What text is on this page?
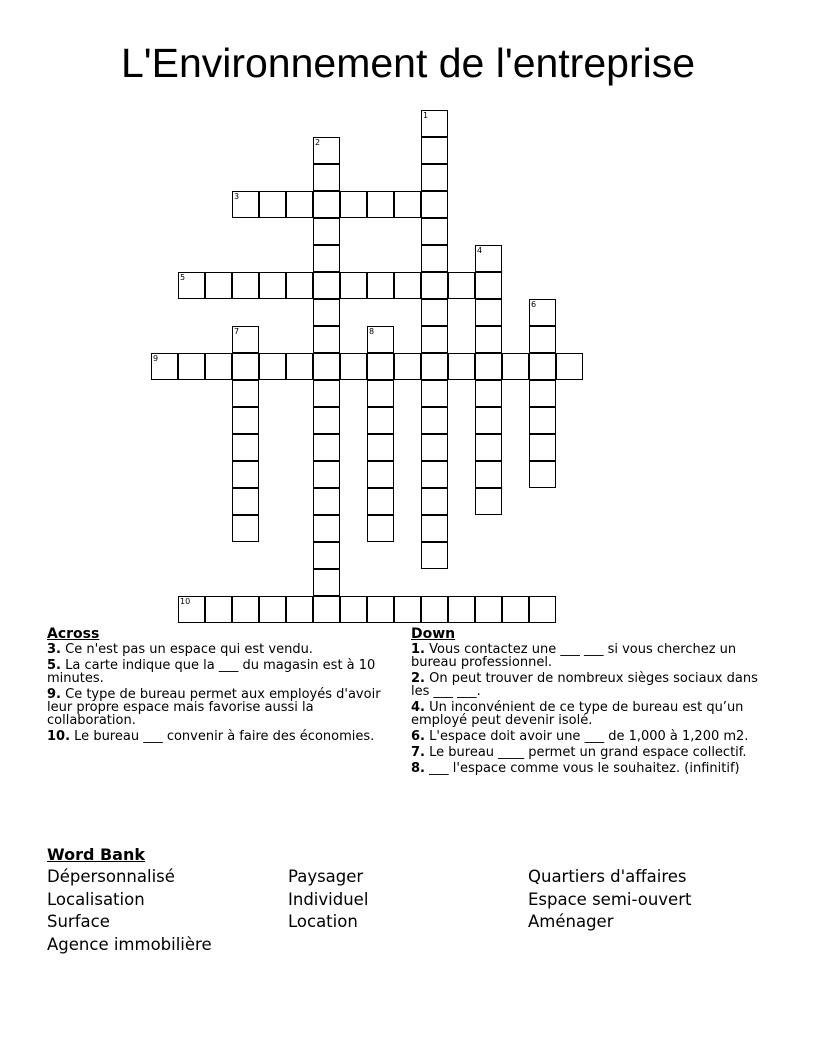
L'Environnement de l'entreprise
1
2
3
4
5
6
7	8
9
10
Across
3. Ce n'est pas un espace qui est vendu.
5. La carte indique que la ___ du magasin est à 10 minutes.
9. Ce type de bureau permet aux employés d'avoir leur propre espace mais favorise aussi la collaboration.
10. Le bureau ___ convenir à faire des économies.
Down
1. Vous contactez une ___ ___ si vous cherchez un bureau professionnel.
2. On peut trouver de nombreux sièges sociaux dans les ___ ___.
4. Un inconvénient de ce type de bureau est qu’un employé peut devenir isolé.
6. L'espace doit avoir une ___ de 1,000 à 1,200 m2.
7. Le bureau ____ permet un grand espace collectif.
8. ___ l'espace comme vous le souhaitez. (infinitif)
Word Bank
Dépersonnalisé
Localisation
Surface
Agence immobilière
Paysager
Individuel
Location
Quartiers d'affaires
Espace semi-ouvert
Aménager
